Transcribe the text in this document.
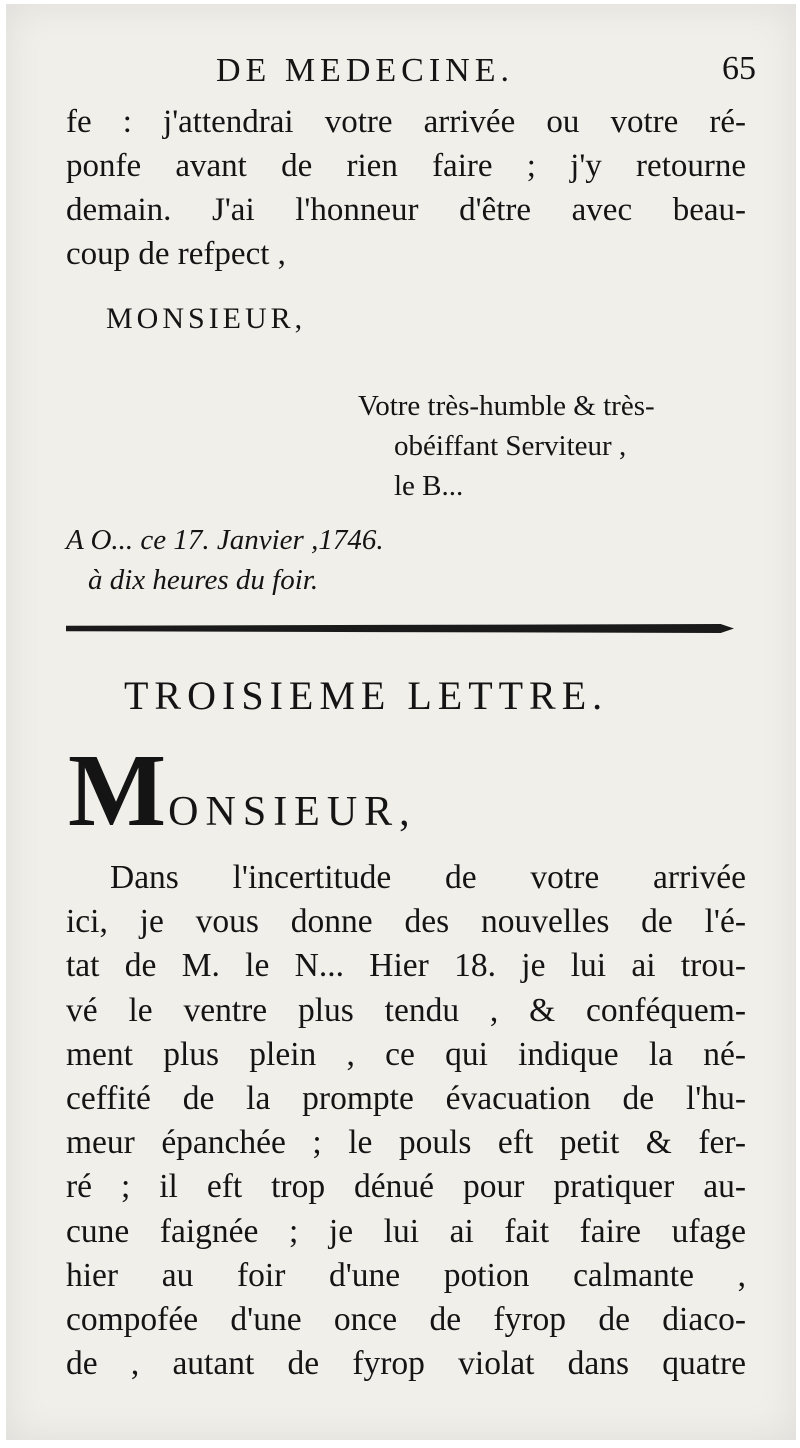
DE MEDECINE.	65
fe : j'attendrai votre arrivée ou votre ré-
ponfe avant de rien faire ; j'y retourne
demain. J'ai l'honneur d'être avec beau-
coup de refpect ,
MONSIEUR,
Votre très-humble & très-
obéiffant Serviteur ,
le B...
A O... ce 17. Janvier ,1746.
à dix heures du foir.
TROISIEME LETTRE.
MONSIEUR,
Dans l'incertitude de votre arrivée
ici, je vous donne des nouvelles de l'é-
tat de M. le N... Hier 18. je lui ai trou-
vé le ventre plus tendu , & conféquem-
ment plus plein , ce qui indique la né-
ceffité de la prompte évacuation de l'hu-
meur épanchée ; le pouls eft petit & fer-
ré ; il eft trop dénué pour pratiquer au-
cune faignée ; je lui ai fait faire ufage
hier au foir d'une potion calmante ,
compofée d'une once de fyrop de diaco-
de , autant de fyrop violat dans quatre
